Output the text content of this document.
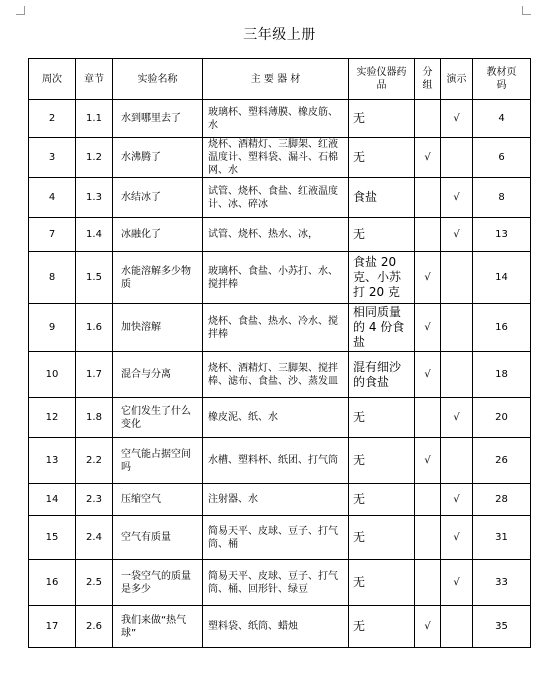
三年级上册
周次	章节	实验名称	主 要 器 材	实验仪器药品	分组	演示	教材页码
2	1.1	水到哪里去了	玻璃杯、塑料薄膜、橡皮筋、水	无		√	4
3	1.2	水沸腾了	烧杯、酒精灯、三脚架、红液温度计、塑料袋、漏斗、石棉网、水	无	√		6
4	1.3	水结冰了	试管、烧杯、食盐、红液温度计、冰、碎冰	食盐		√	8
7	1.4	冰融化了	试管、烧杯、热水、冰，	无		√	13
8	1.5	水能溶解多少物质	玻璃杯、食盐、小苏打、水、搅拌棒	食盐 20 克、小苏打 20 克	√		14
9	1.6	加快溶解	烧杯、食盐、热水、冷水、搅拌棒	相同质量的 4 份食盐	√		16
10	1.7	混合与分离	烧杯、酒精灯、三脚架、搅拌棒、滤布、食盐、沙、蒸发皿	混有细沙的食盐	√		18
12	1.8	它们发生了什么变化	橡皮泥、纸、水	无		√	20
13	2.2	空气能占据空间吗	水槽、塑料杯、纸团、打气筒	无	√		26
14	2.3	压缩空气	注射器、水	无		√	28
15	2.4	空气有质量	简易天平、皮球、豆子、打气筒、桶	无		√	31
16	2.5	一袋空气的质量是多少	简易天平、皮球、豆子、打气筒、桶、回形针、绿豆	无		√	33
17	2.6	我们来做“热气球”	塑料袋、纸筒、蜡烛	无	√		35
